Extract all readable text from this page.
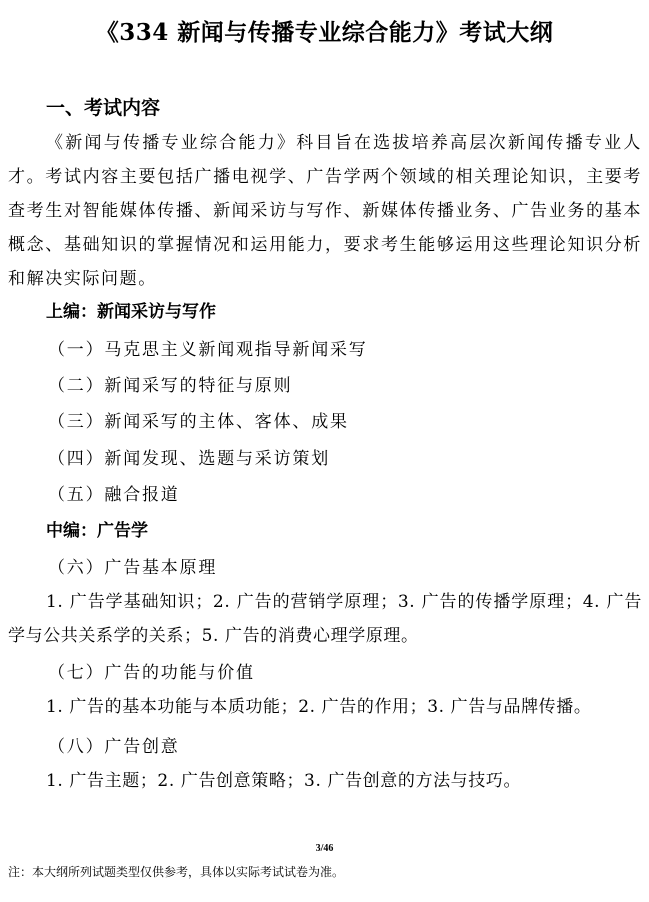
《334 新闻与传播专业综合能力》考试大纲
一、考试内容

《新闻与传播专业综合能力》科目旨在选拔培养高层次新闻传播专业人才。考试内容主要包括广播电视学、广告学两个领域的相关理论知识，主要考查考生对智能媒体传播、新闻采访与写作、新媒体传播业务、广告业务的基本概念、基础知识的掌握情况和运用能力，要求考生能够运用这些理论知识分析和解决实际问题。

上编：新闻采访与写作
（一）马克思主义新闻观指导新闻采写
（二）新闻采写的特征与原则
（三）新闻采写的主体、客体、成果
（四）新闻发现、选题与采访策划
（五）融合报道
中编：广告学
（六）广告基本原理

1. 广告学基础知识；2. 广告的营销学原理；3. 广告的传播学原理；4. 广告学与公共关系学的关系；5. 广告的消费心理学原理。

（七）广告的功能与价值

1. 广告的基本功能与本质功能；2. 广告的作用；3. 广告与品牌传播。

（八）广告创意

1. 广告主题；2. 广告创意策略；3. 广告创意的方法与技巧。

3/46
注：本大纲所列试题类型仅供参考，具体以实际考试试卷为准。
